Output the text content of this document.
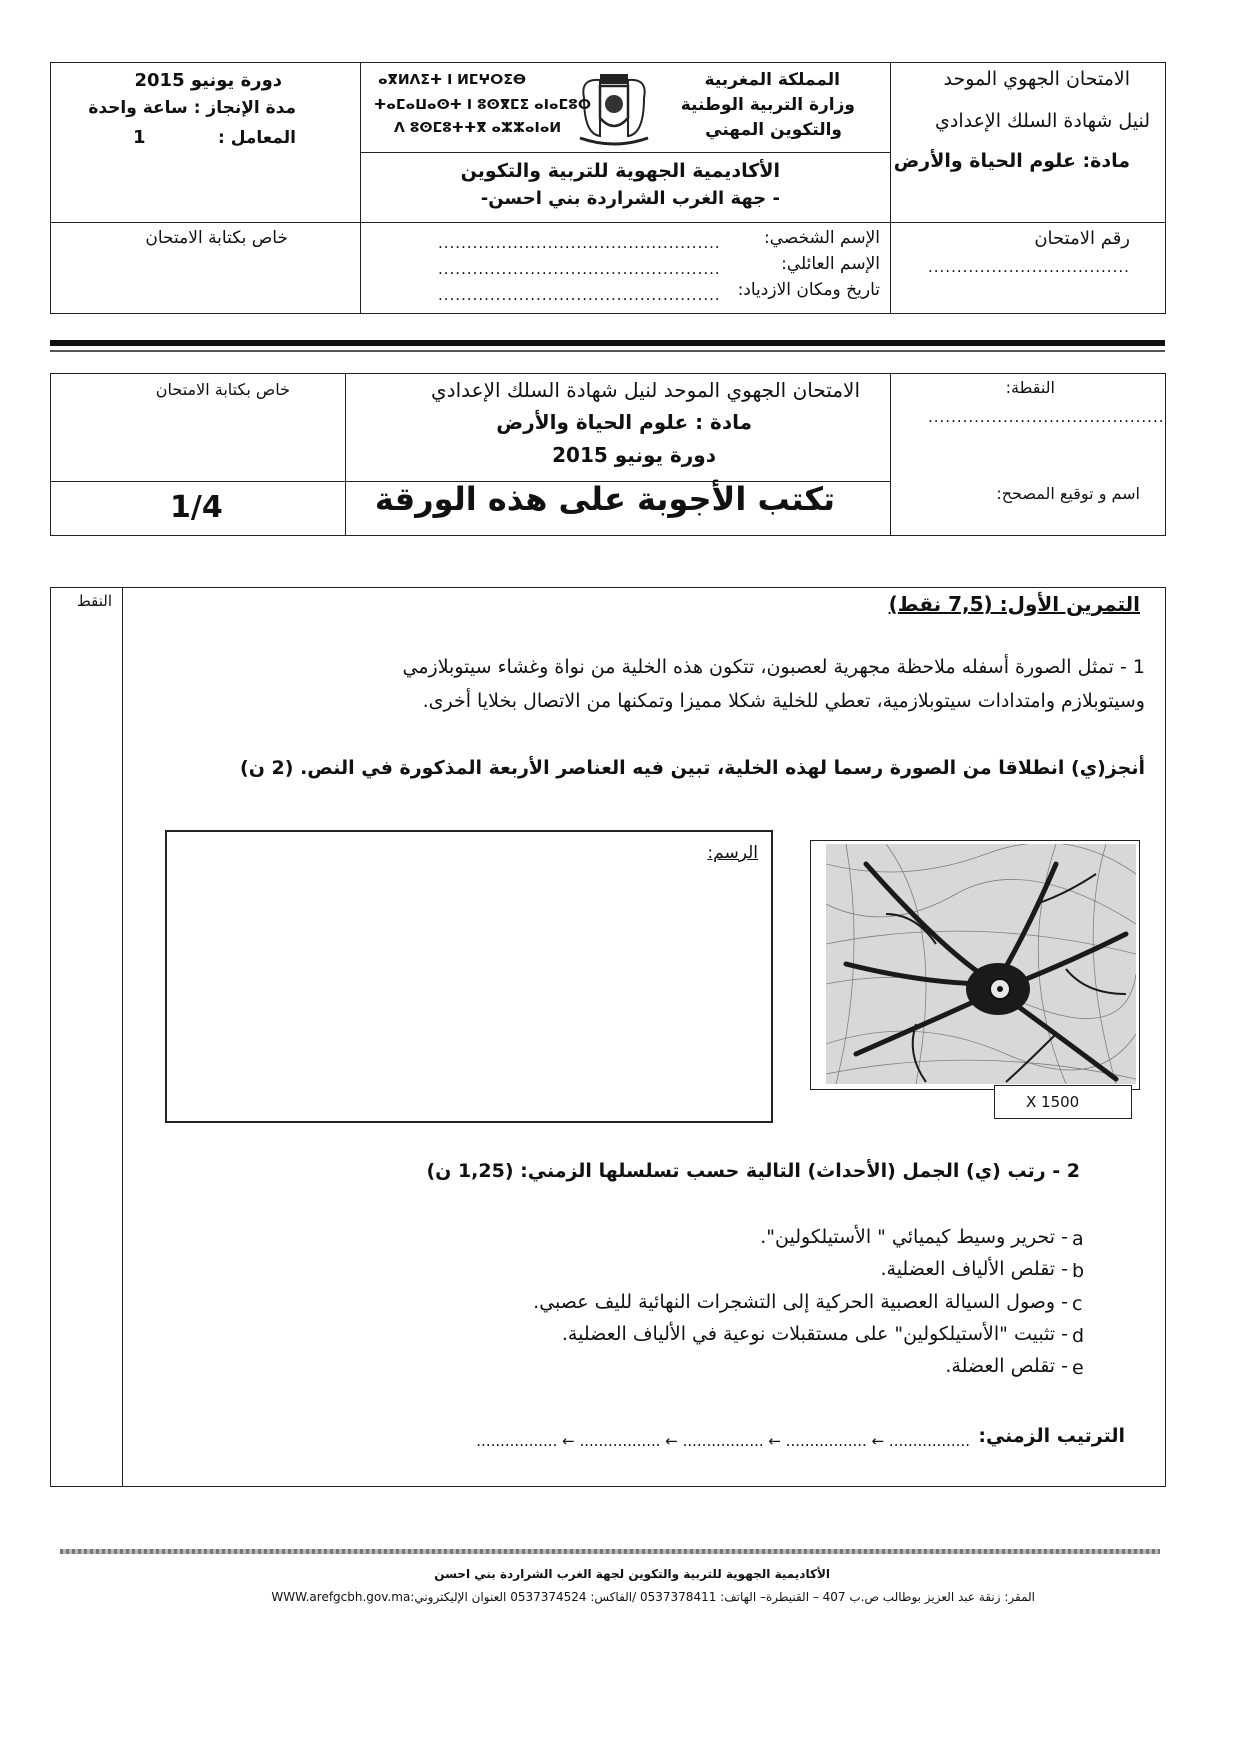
الامتحان الجهوي الموحد
لنيل شهادة السلك الإعدادي
مادة: علوم الحياة والأرض
المملكة المغربية
وزارة التربية الوطنية
والتكوين المهني
ⴰⴳⵍⴷⵉⵜ ⵏ ⵍⵎⵖⵔⵉⴱ
ⵜⴰⵎⴰⵡⴰⵙⵜ ⵏ ⵓⵙⴳⵎⵉ ⴰⵏⴰⵎⵓⵔ
ⴷ ⵓⵙⵎⵓⵜⵜⴳ ⴰⵣⵣⴰⵏⴰⵍ
الأكاديمية الجهوية للتربية والتكوين
- جهة الغرب الشراردة بني احسن-
دورة يونيو 2015
مدة الإنجاز : ساعة واحدة
المعامل :
1
رقم الامتحان
...................................
الإسم الشخصي:
الإسم العائلي:
تاريخ ومكان الازدياد:
.................................................
.................................................
.................................................
خاص بكتابة الامتحان
النقطة:
.........................................
اسم و توقيع المصحح:
الامتحان الجهوي الموحد لنيل شهادة السلك الإعدادي
مادة : علوم الحياة والأرض
دورة يونيو 2015
خاص بكتابة الامتحان
تكتب الأجوبة على هذه الورقة
1/4
النقط	التمرين الأول: (7,5 نقط)
1 - تمثل الصورة أسفله ملاحظة مجهرية لعصبون، تتكون هذه الخلية من نواة وغشاء سيتوبلازمي
وسيتوبلازم وامتدادات سيتوبلازمية، تعطي للخلية شكلا مميزا وتمكنها من الاتصال بخلايا أخرى.
أنجز(ي) انطلاقا من الصورة رسما لهذه الخلية، تبين فيه العناصر الأربعة المذكورة في النص. (2 ن)
الرسم:
X 1500
2 - رتب (ي) الجمل (الأحداث) التالية حسب تسلسلها الزمني: (1,25 ن)
a
- تحرير وسيط كيميائي " الأستيلكولين".
b
- تقلص الألياف العضلية.
c
- وصول السيالة العصبية الحركية إلى التشجرات النهائية لليف عصبي.
d
- تثبيت "الأستيلكولين" على مستقبلات نوعية في الألياف العضلية.
e
- تقلص العضلة.
الترتيب الزمني:
................. ← ................. ← ................. ← ................. ← .................
الأكاديمية الجهوية للتربية والتكوين لجهة الغرب الشراردة بني احسن
المقر: زنقة عبد العزيز بوطالب ص.ب 407 – القنيطرة– الهاتف: 0537378411 /الفاكس: 0537374524 العنوان الإليكتروني:WWW.arefgcbh.gov.ma
